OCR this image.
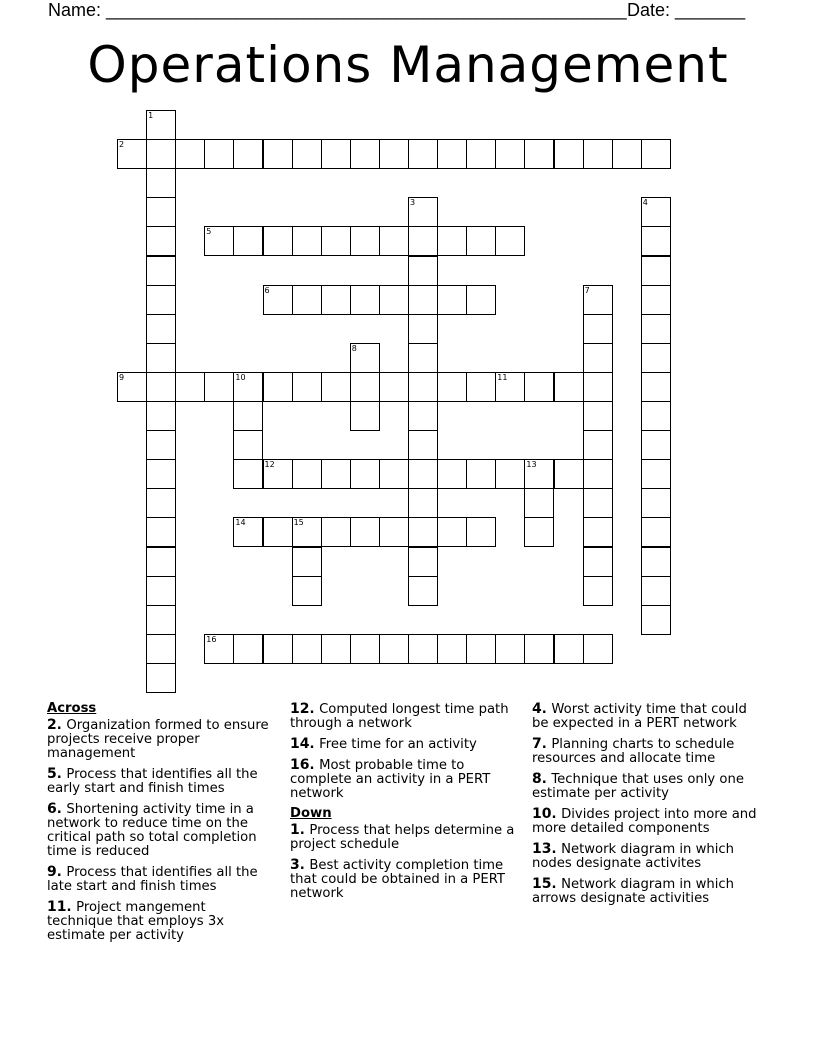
Name: ____________________________________________________ Date: _______
Operations Management
1
2
3	4
5
6	7
8
9	10	11
12	13
14	15
16
Across
2. Organization formed to ensure projects receive proper management
5. Process that identifies all the early start and finish times
6. Shortening activity time in a network to reduce time on the critical path so total completion time is reduced
9. Process that identifies all the late start and finish times
11. Project mangement technique that employs 3x estimate per activity
12. Computed longest time path through a network
14. Free time for an activity
16. Most probable time to complete an activity in a PERT network
Down
1. Process that helps determine a project schedule
3. Best activity completion time that could be obtained in a PERT network
4. Worst activity time that could be expected in a PERT network
7. Planning charts to schedule resources and allocate time
8. Technique that uses only one estimate per activity
10. Divides project into more and more detailed components
13. Network diagram in which nodes designate activites
15. Network diagram in which arrows designate activities
